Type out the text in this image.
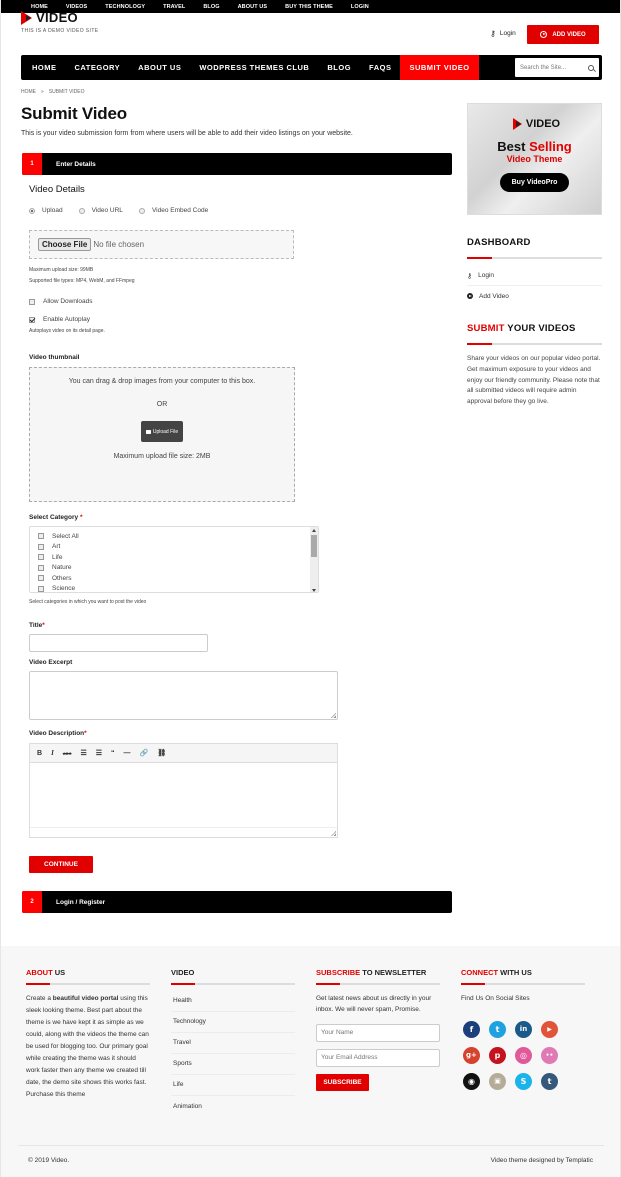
HOME	VIDEOS	TECHNOLOGY	TRAVEL	BLOG	ABOUT US	BUY THIS THEME	LOGIN
VIDEO
THIS IS A DEMO VIDEO SITE	⚷ Login	ADD VIDEO
HOME	CATEGORY	ABOUT US	WODPRESS THEMES CLUB	BLOG	FAQS	SUBMIT VIDEO	Search the Site...
HOME » SUBMIT VIDEO
Submit Video
This is your video submission form from where users will be able to add their video listings on your website.
1	Enter Details
Video Details
Upload	Video URL	Video Embed Code
Choose File No file chosen
Maximum upload size: 99MB
Supported file types: MP4, WebM, and FFmpeg
Allow Downloads
Enable Autoplay
Autoplays video on its detail page.
Video thumbnail
You can drag & drop images from your computer to this box.
OR
Upload File
Maximum upload file size: 2MB
Select Category *
Select All
Art
Life
Nature
Others
Science
Select categories in which you want to post the video
Title*
Video Excerpt
Video Description*
B I ABC ☰ ☰ “ — 🔗 ⛓
CONTINUE
2	Login / Register
VIDEO
Best Selling
Video Theme
Buy VideoPro
DASHBOARD
⚷ Login
Add Video
SUBMIT YOUR VIDEOS
Share your videos on our popular video portal. Get maximum exposure to your videos and enjoy our friendly community. Please note that all submitted videos will require admin approval before they go live.
ABOUT US
Create a beautiful video portal using this sleek looking theme. Best part about the theme is we have kept it as simple as we could, along with the videos the theme can be used for blogging too. Our primary goal while creating the theme was it should work faster then any theme we created till date, the demo site shows this works fast.
Purchase this theme
VIDEO
Health
Technology
Travel
Sports
Life
Animation
SUBSCRIBE TO NEWSLETTER
Get latest news about us directly in your inbox. We will never spam, Promise.
Your Name
Your Email Address
SUBSCRIBE
CONNECT WITH US
Find Us On Social Sites
f	t	in	▶
g+	p	◎	••
◉	▣	S	t
© 2019 Video.	Video theme designed by Templatic
